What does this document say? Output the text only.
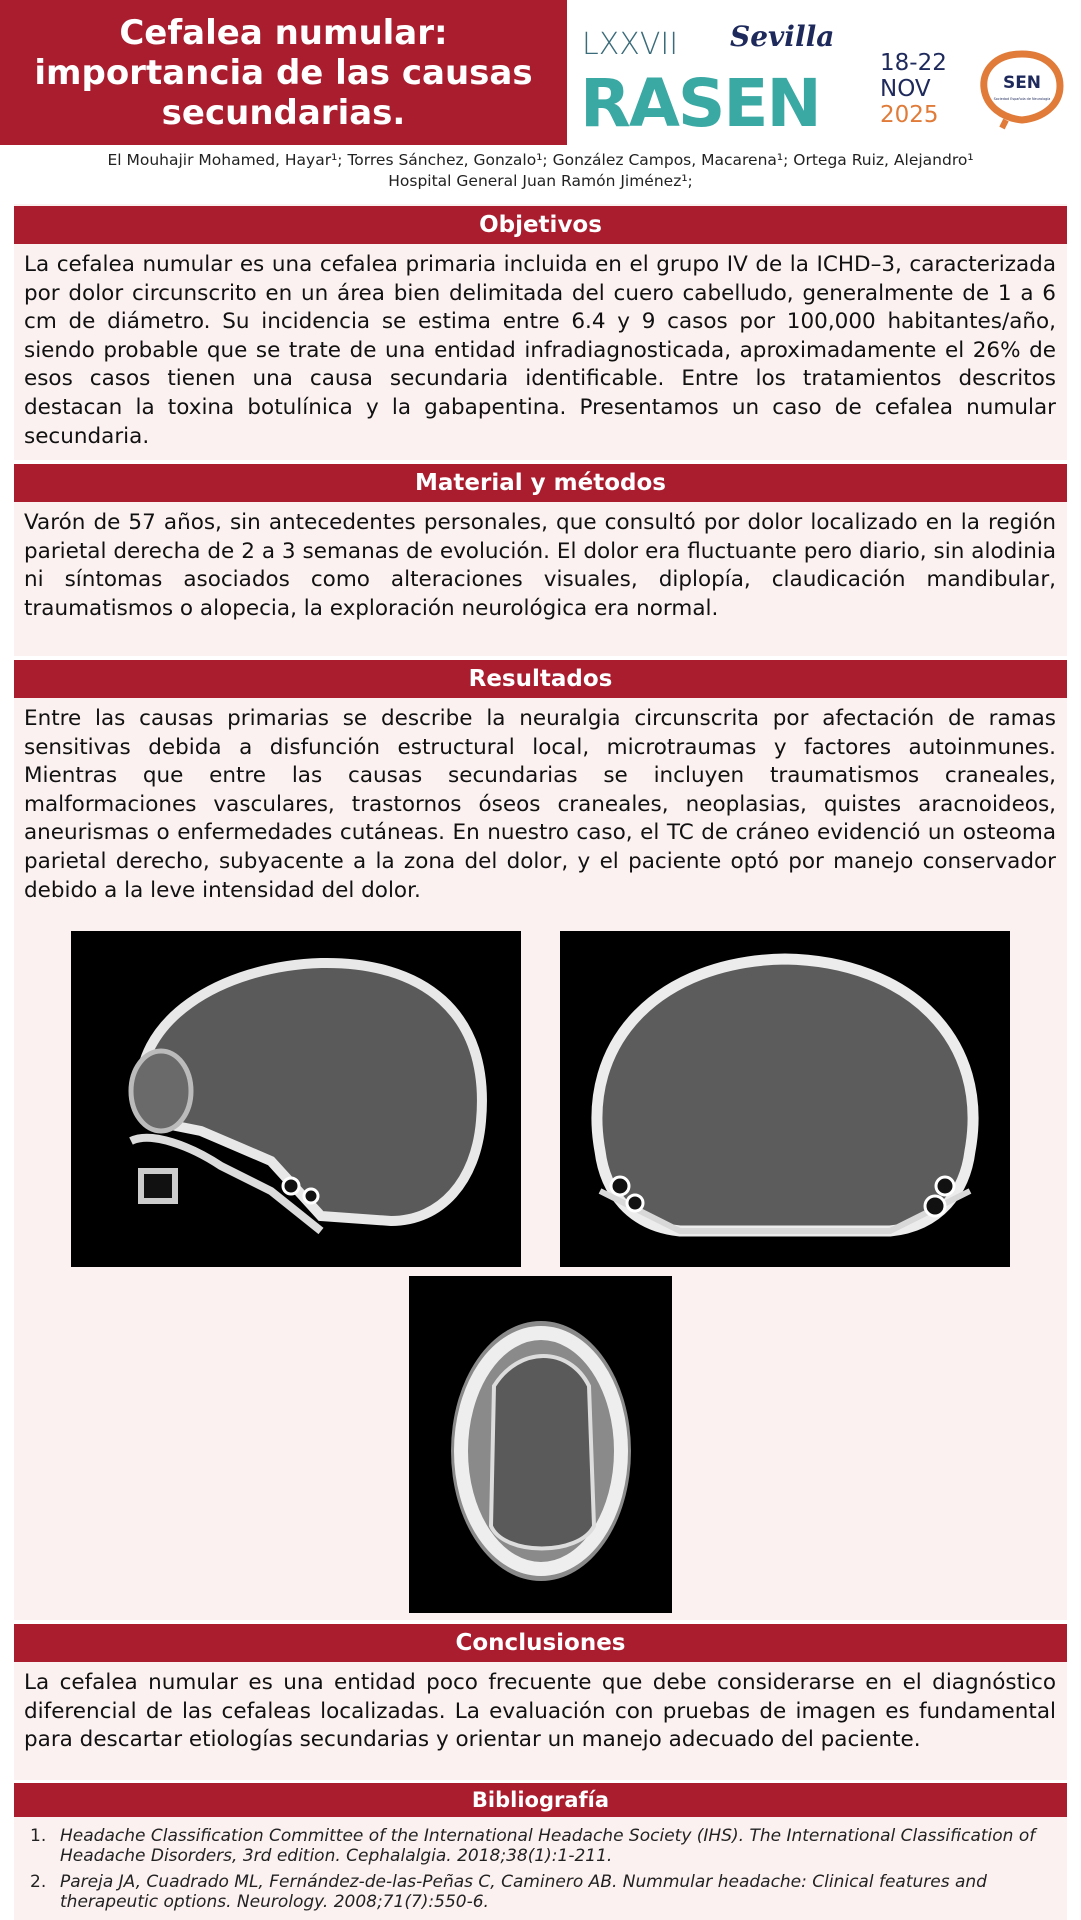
Cefalea numular:
importancia de las causas
secundarias.
LXXVII Sevilla
RASEN
18-22
NOV
2025
SEN
Sociedad Española de Neurología
El Mouhajir Mohamed, Hayar¹; Torres Sánchez, Gonzalo¹; González Campos, Macarena¹; Ortega Ruiz, Alejandro¹
Hospital General Juan Ramón Jiménez¹;
Objetivos
La cefalea numular es una cefalea primaria incluida en el grupo IV de la ICHD–3, caracterizada por dolor circunscrito en un área bien delimitada del cuero cabelludo, generalmente de 1 a 6 cm de diámetro. Su incidencia se estima entre 6.4 y 9 casos por 100,000 habitantes/año, siendo probable que se trate de una entidad infradiagnosticada, aproximadamente el 26% de esos casos tienen una causa secundaria identificable. Entre los tratamientos descritos destacan la toxina botulínica y la gabapentina. Presentamos un caso de cefalea numular secundaria.
Material y métodos
Varón de 57 años, sin antecedentes personales, que consultó por dolor localizado en la región parietal derecha de 2 a 3 semanas de evolución. El dolor era fluctuante pero diario, sin alodinia ni síntomas asociados como alteraciones visuales, diplopía, claudicación mandibular, traumatismos o alopecia, la exploración neurológica era normal.
Resultados
Entre las causas primarias se describe la neuralgia circunscrita por afectación de ramas sensitivas debida a disfunción estructural local, microtraumas y factores autoinmunes. Mientras que entre las causas secundarias se incluyen traumatismos craneales, malformaciones vasculares, trastornos óseos craneales, neoplasias, quistes aracnoideos, aneurismas o enfermedades cutáneas. En nuestro caso, el TC de cráneo evidenció un osteoma parietal derecho, subyacente a la zona del dolor, y el paciente optó por manejo conservador debido a la leve intensidad del dolor.
Conclusiones
La cefalea numular es una entidad poco frecuente que debe considerarse en el diagnóstico diferencial de las cefaleas localizadas. La evaluación con pruebas de imagen es fundamental para descartar etiologías secundarias y orientar un manejo adecuado del paciente.
Bibliografía
1. Headache Classification Committee of the International Headache Society (IHS). The International Classification of Headache Disorders, 3rd edition. Cephalalgia. 2018;38(1):1-211.
2. Pareja JA, Cuadrado ML, Fernández-de-las-Peñas C, Caminero AB. Nummular headache: Clinical features and therapeutic options. Neurology. 2008;71(7):550-6.
